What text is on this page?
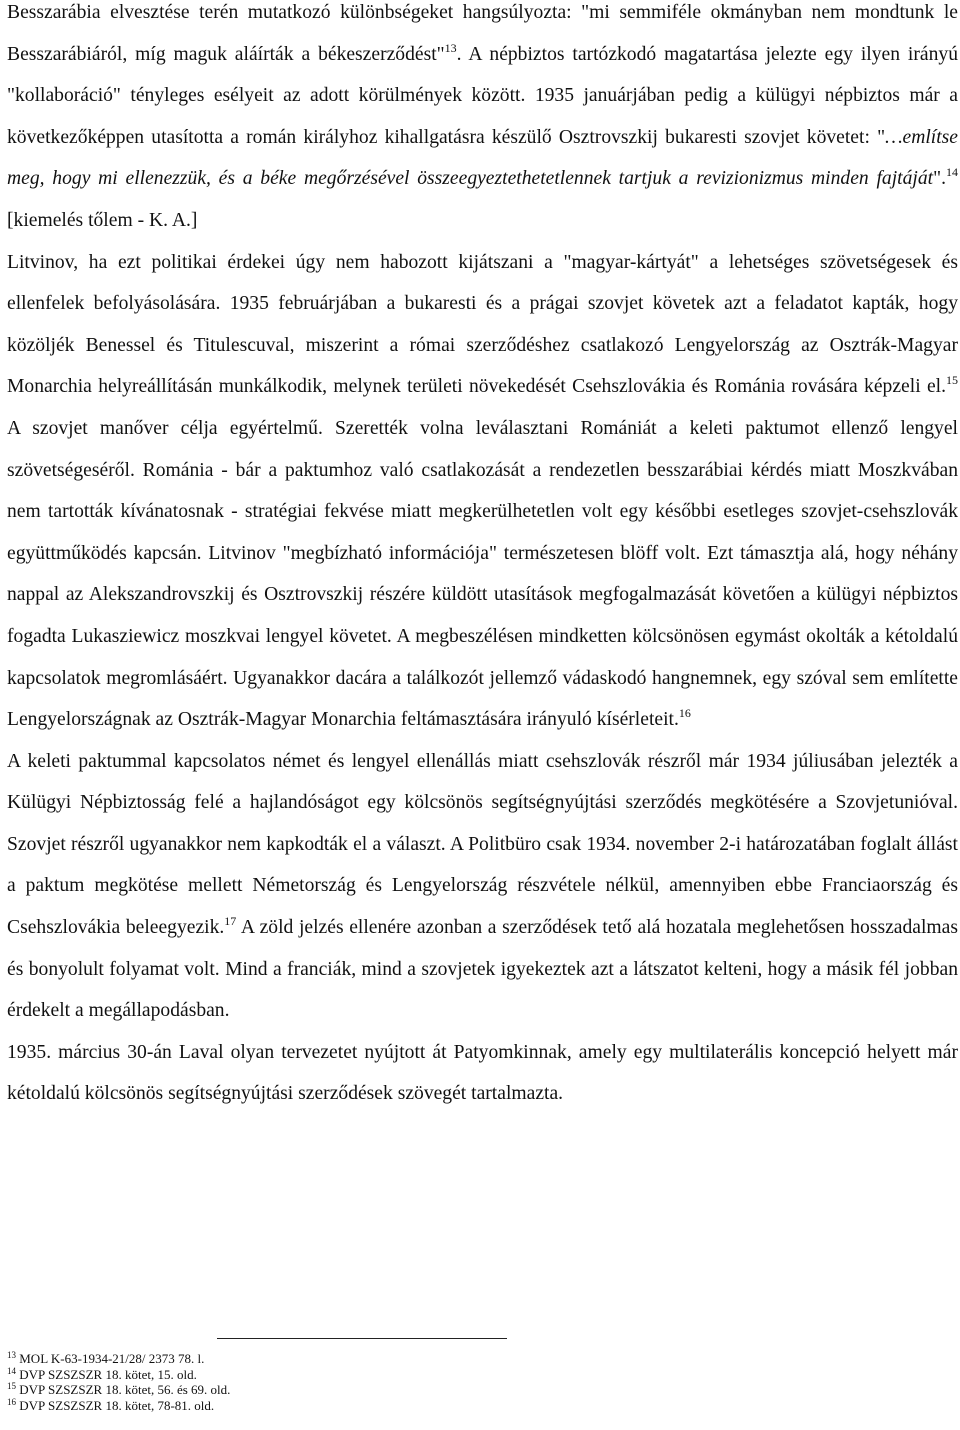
Besszarábia elvesztése terén mutatkozó különbségeket hangsúlyozta: "mi semmiféle okmányban nem mondtunk le Besszarábiáról, míg maguk aláírták a békeszerződést"$^{13}$. A népbiztos tartózkodó magatartása jelezte egy ilyen irányú "kollaboráció" tényleges esélyeit az adott körülmények között. 1935 januárjában pedig a külügyi népbiztos már a következőképpen utasította a román királyhoz kihallgatásra készülő Osztrovszkij bukaresti szovjet követet: "…említse meg, hogy mi ellenezzük, és a béke megőrzésével összeegyeztethetetlennek tartjuk a revizionizmus minden fajtáját".$^{14}$ [kiemelés tőlem - K. A.]

Litvinov, ha ezt politikai érdekei úgy nem habozott kijátszani a "magyar-kártyát" a lehetséges szövetségesek és ellenfelek befolyásolására. 1935 februárjában a bukaresti és a prágai szovjet követek azt a feladatot kapták, hogy közöljék Benessel és Titulescuval, miszerint a római szerződéshez csatlakozó Lengyelország az Osztrák-Magyar Monarchia helyreállításán munkálkodik, melynek területi növekedését Csehszlovákia és Románia rovására képzeli el.$^{15}$ A szovjet manőver célja egyértelmű. Szerették volna leválasztani Romániát a keleti paktumot ellenző lengyel szövetségeséről. Románia - bár a paktumhoz való csatlakozását a rendezetlen besszarábiai kérdés miatt Moszkvában nem tartották kívánatosnak - stratégiai fekvése miatt megkerülhetetlen volt egy későbbi esetleges szovjet-csehszlovák együttműködés kapcsán. Litvinov "megbízható információja" természetesen blöff volt. Ezt támasztja alá, hogy néhány nappal az Alekszandrovszkij és Osztrovszkij részére küldött utasítások megfogalmazását követően a külügyi népbiztos fogadta Lukasziewicz moszkvai lengyel követet. A megbeszélésen mindketten kölcsönösen egymást okolták a kétoldalú kapcsolatok megromlásáért. Ugyanakkor dacára a találkozót jellemző vádaskodó hangnemnek, egy szóval sem említette Lengyelországnak az Osztrák-Magyar Monarchia feltámasztására irányuló kísérleteit.$^{16}$

A keleti paktummal kapcsolatos német és lengyel ellenállás miatt csehszlovák részről már 1934 júliusában jelezték a Külügyi Népbiztosság felé a hajlandóságot egy kölcsönös segítségnyújtási szerződés megkötésére a Szovjetunióval. Szovjet részről ugyanakkor nem kapkodták el a választ. A Politbüro csak 1934. november 2-i határozatában foglalt állást a paktum megkötése mellett Németország és Lengyelország részvétele nélkül, amennyiben ebbe Franciaország és Csehszlovákia beleegyezik.$^{17}$ A zöld jelzés ellenére azonban a szerződések tető alá hozatala meglehetősen hosszadalmas és bonyolult folyamat volt. Mind a franciák, mind a szovjetek igyekeztek azt a látszatot kelteni, hogy a másik fél jobban érdekelt a megállapodásban.

1935. március 30-án Laval olyan tervezetet nyújtott át Patyomkinnak, amely egy multilaterális koncepció helyett már kétoldalú kölcsönös segítségnyújtási szerződések szövegét tartalmazta.

$^{13}$ MOL K-63-1934-21/28/ 2373 78. l.

$^{14}$ DVP SZSZSZR 18. kötet, 15. old.

$^{15}$ DVP SZSZSZR 18. kötet, 56. és 69. old.

$^{16}$ DVP SZSZSZR 18. kötet, 78-81. old.
